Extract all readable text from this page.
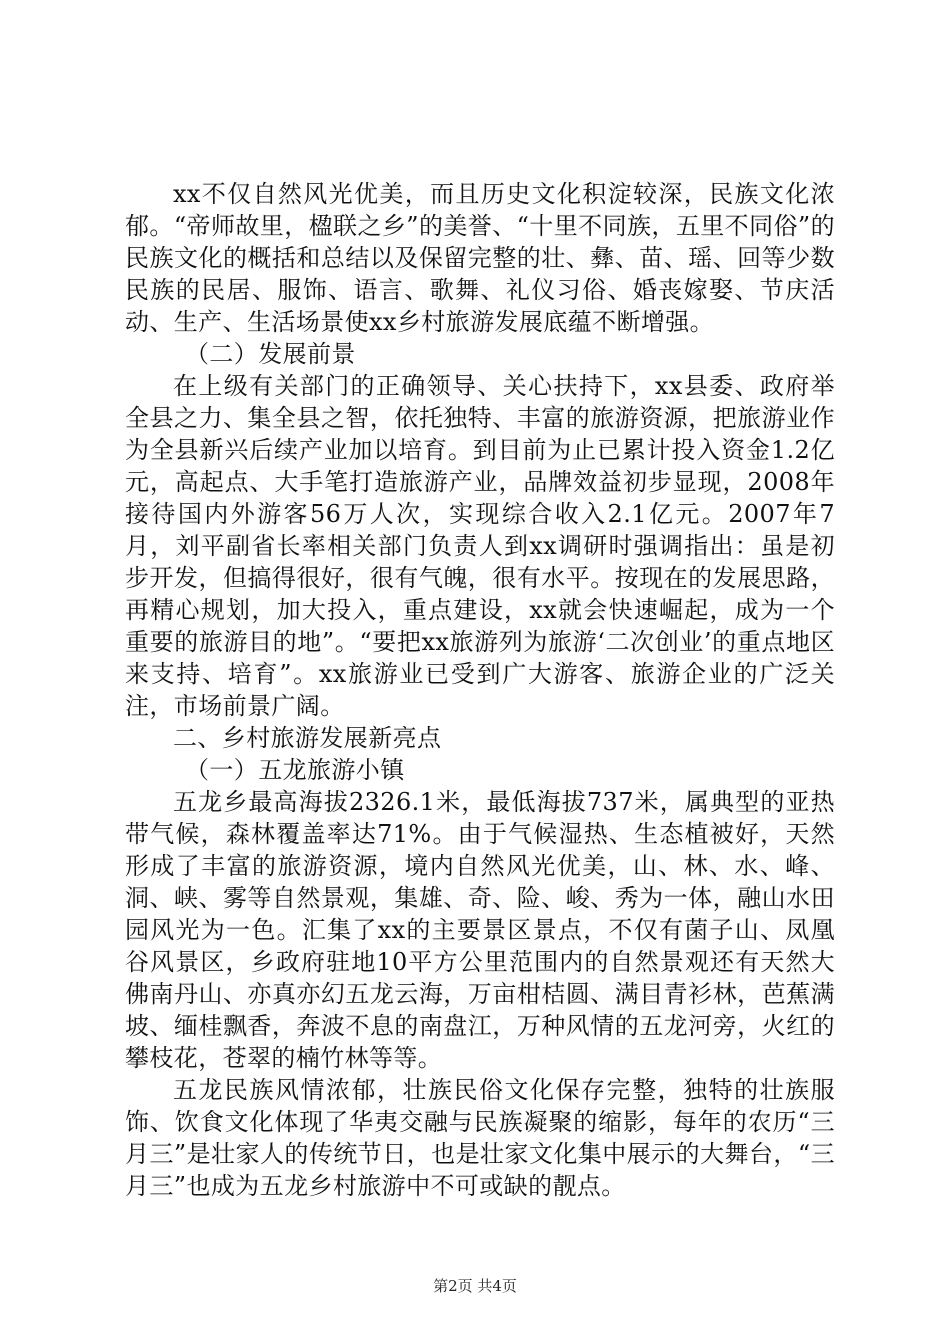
xx不仅自然风光优美，而且历史文化积淀较深，民族文化浓郁。“帝师故里，楹联之乡”的美誉、“十里不同族，五里不同俗”的民族文化的概括和总结以及保留完整的壮、彝、苗、瑶、回等少数民族的民居、服饰、语言、歌舞、礼仪习俗、婚丧嫁娶、节庆活动、生产、生活场景使xx乡村旅游发展底蕴不断增强。

（二）发展前景

在上级有关部门的正确领导、关心扶持下，xx县委、政府举全县之力、集全县之智，依托独特、丰富的旅游资源，把旅游业作为全县新兴后续产业加以培育。到目前为止已累计投入资金1.2亿元，高起点、大手笔打造旅游产业，品牌效益初步显现，2008年接待国内外游客56万人次，实现综合收入2.1亿元。2007年7月，刘平副省长率相关部门负责人到xx调研时强调指出：虽是初步开发，但搞得很好，很有气魄，很有水平。按现在的发展思路，再精心规划，加大投入，重点建设，xx就会快速崛起，成为一个重要的旅游目的地”。“要把xx旅游列为旅游‘二次创业’的重点地区来支持、培育”。xx旅游业已受到广大游客、旅游企业的广泛关注，市场前景广阔。

二、乡村旅游发展新亮点

（一）五龙旅游小镇

五龙乡最高海拔2326.1米，最低海拔737米，属典型的亚热带气候，森林覆盖率达71%。由于气候湿热、生态植被好，天然形成了丰富的旅游资源，境内自然风光优美，山、林、水、峰、洞、峡、雾等自然景观，集雄、奇、险、峻、秀为一体，融山水田园风光为一色。汇集了xx的主要景区景点，不仅有菌子山、凤凰谷风景区，乡政府驻地10平方公里范围内的自然景观还有天然大佛南丹山、亦真亦幻五龙云海，万亩柑桔圆、满目青衫林，芭蕉满坡、缅桂飘香，奔波不息的南盘江，万种风情的五龙河旁，火红的攀枝花，苍翠的楠竹林等等。

五龙民族风情浓郁，壮族民俗文化保存完整，独特的壮族服饰、饮食文化体现了华夷交融与民族凝聚的缩影，每年的农历“三月三”是壮家人的传统节日，也是壮家文化集中展示的大舞台，“三月三”也成为五龙乡村旅游中不可或缺的靓点。

第2页 共4页
